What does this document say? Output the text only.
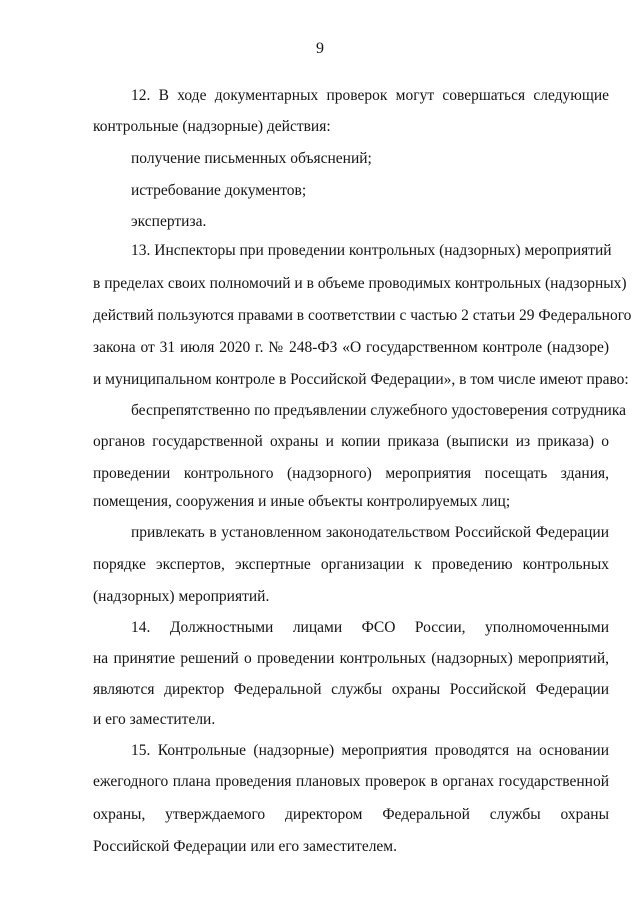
9
12. В ходе документарных проверок могут совершаться следующие
контрольные (надзорные) действия:
получение письменных объяснений;
истребование документов;
экспертиза.
13. Инспекторы при проведении контрольных (надзорных) мероприятий
в пределах своих полномочий и в объеме проводимых контрольных (надзорных)
действий пользуются правами в соответствии с частью 2 статьи 29 Федерального
закона от 31 июля 2020 г. № 248-ФЗ «О государственном контроле (надзоре)
и муниципальном контроле в Российской Федерации», в том числе имеют право:
беспрепятственно по предъявлении служебного удостоверения сотрудника
органов государственной охраны и копии приказа (выписки из приказа) о
проведении контрольного (надзорного) мероприятия посещать здания,
помещения, сооружения и иные объекты контролируемых лиц;
привлекать в установленном законодательством Российской Федерации
порядке экспертов, экспертные организации к проведению контрольных
(надзорных) мероприятий.
14. Должностными лицами ФСО России, уполномоченными
на принятие решений о проведении контрольных (надзорных) мероприятий,
являются директор Федеральной службы охраны Российской Федерации
и его заместители.
15. Контрольные (надзорные) мероприятия проводятся на основании
ежегодного плана проведения плановых проверок в органах государственной
охраны, утверждаемого директором Федеральной службы охраны
Российской Федерации или его заместителем.
